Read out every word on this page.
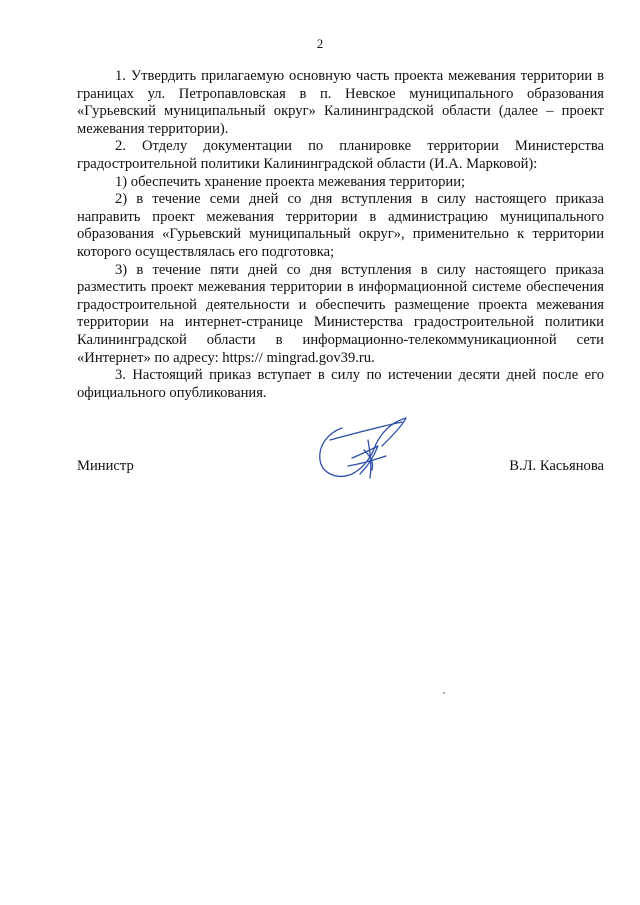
2

1. Утвердить прилагаемую основную часть проекта межевания территории в границах ул. Петропавловская в п. Невское муниципального образования «Гурьевский муниципальный округ» Калининградской области (далее – проект межевания территории).

2. Отделу документации по планировке территории Министерства градостроительной политики Калининградской области (И.А. Марковой):

1) обеспечить хранение проекта межевания территории;

2) в течение семи дней со дня вступления в силу настоящего приказа направить проект межевания территории в администрацию муниципального образования «Гурьевский муниципальный округ», применительно к территории которого осуществлялась его подготовка;

3) в течение пяти дней со дня вступления в силу настоящего приказа разместить проект межевания территории в информационной системе обеспечения градостроительной деятельности и обеспечить размещение проекта межевания территории на интернет-странице Министерства градостроительной политики Калининградской области в информационно-телекоммуникационной сети «Интернет» по адресу: https:// mingrad.gov39.ru.

3. Настоящий приказ вступает в силу по истечении десяти дней после его официального опубликования.

Министр	В.Л. Касьянова
